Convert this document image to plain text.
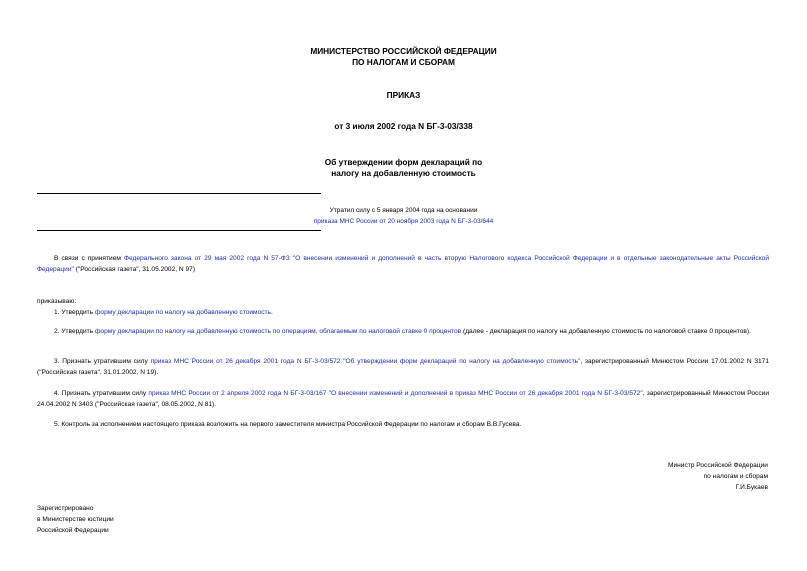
МИНИСТЕРСТВО РОССИЙСКОЙ ФЕДЕРАЦИИ
ПО НАЛОГАМ И СБОРАМ
ПРИКАЗ
от 3 июля 2002 года N БГ-3-03/338
Об утверждении форм деклараций по
налогу на добавленную стоимость
Утратил силу с 5 января 2004 года на основании
приказа МНС России от 20 ноября 2003 года N БГ-3-03/644
В связи с принятием Федерального закона от 29 мая 2002 года N 57-ФЗ "О внесении изменений и дополнений в часть вторую Налогового кодекса Российской Федерации и в отдельные законодательные акты Российской Федерации" ("Российская газета", 31.05.2002, N 97)
приказываю:
1. Утвердить форму декларации по налогу на добавленную стоимость.
2. Утвердить форму декларации по налогу на добавленную стоимость по операциям, облагаемым по налоговой ставке 0 процентов (далее - декларация по налогу на добавленную стоимость по налоговой ставке 0 процентов).
3. Признать утратившим силу приказ МНС России от 26 декабря 2001 года N БГ-3-03/572 "Об утверждении форм деклараций по налогу на добавленную стоимость", зарегистрированный Минюстом России 17.01.2002 N 3171 ("Российская газета", 31.01.2002, N 19).
4. Признать утратившим силу приказ МНС России от 2 апреля 2002 года N БГ-3-03/167 "О внесении изменений и дополнений в приказ МНС России от 26 декабря 2001 года N БГ-3-03/572", зарегистрированный Минюстом России 24.04.2002 N 3403 ("Российская газета", 08.05.2002, N 81).
5. Контроль за исполнением настоящего приказа возложить на первого заместителя министра Российской Федерации по налогам и сборам В.В.Гусева.
Министр Российской Федерации
по налогам и сборам
Г.И.Букаев
Зарегистрировано
в Министерстве юстиции
Российской Федерации
